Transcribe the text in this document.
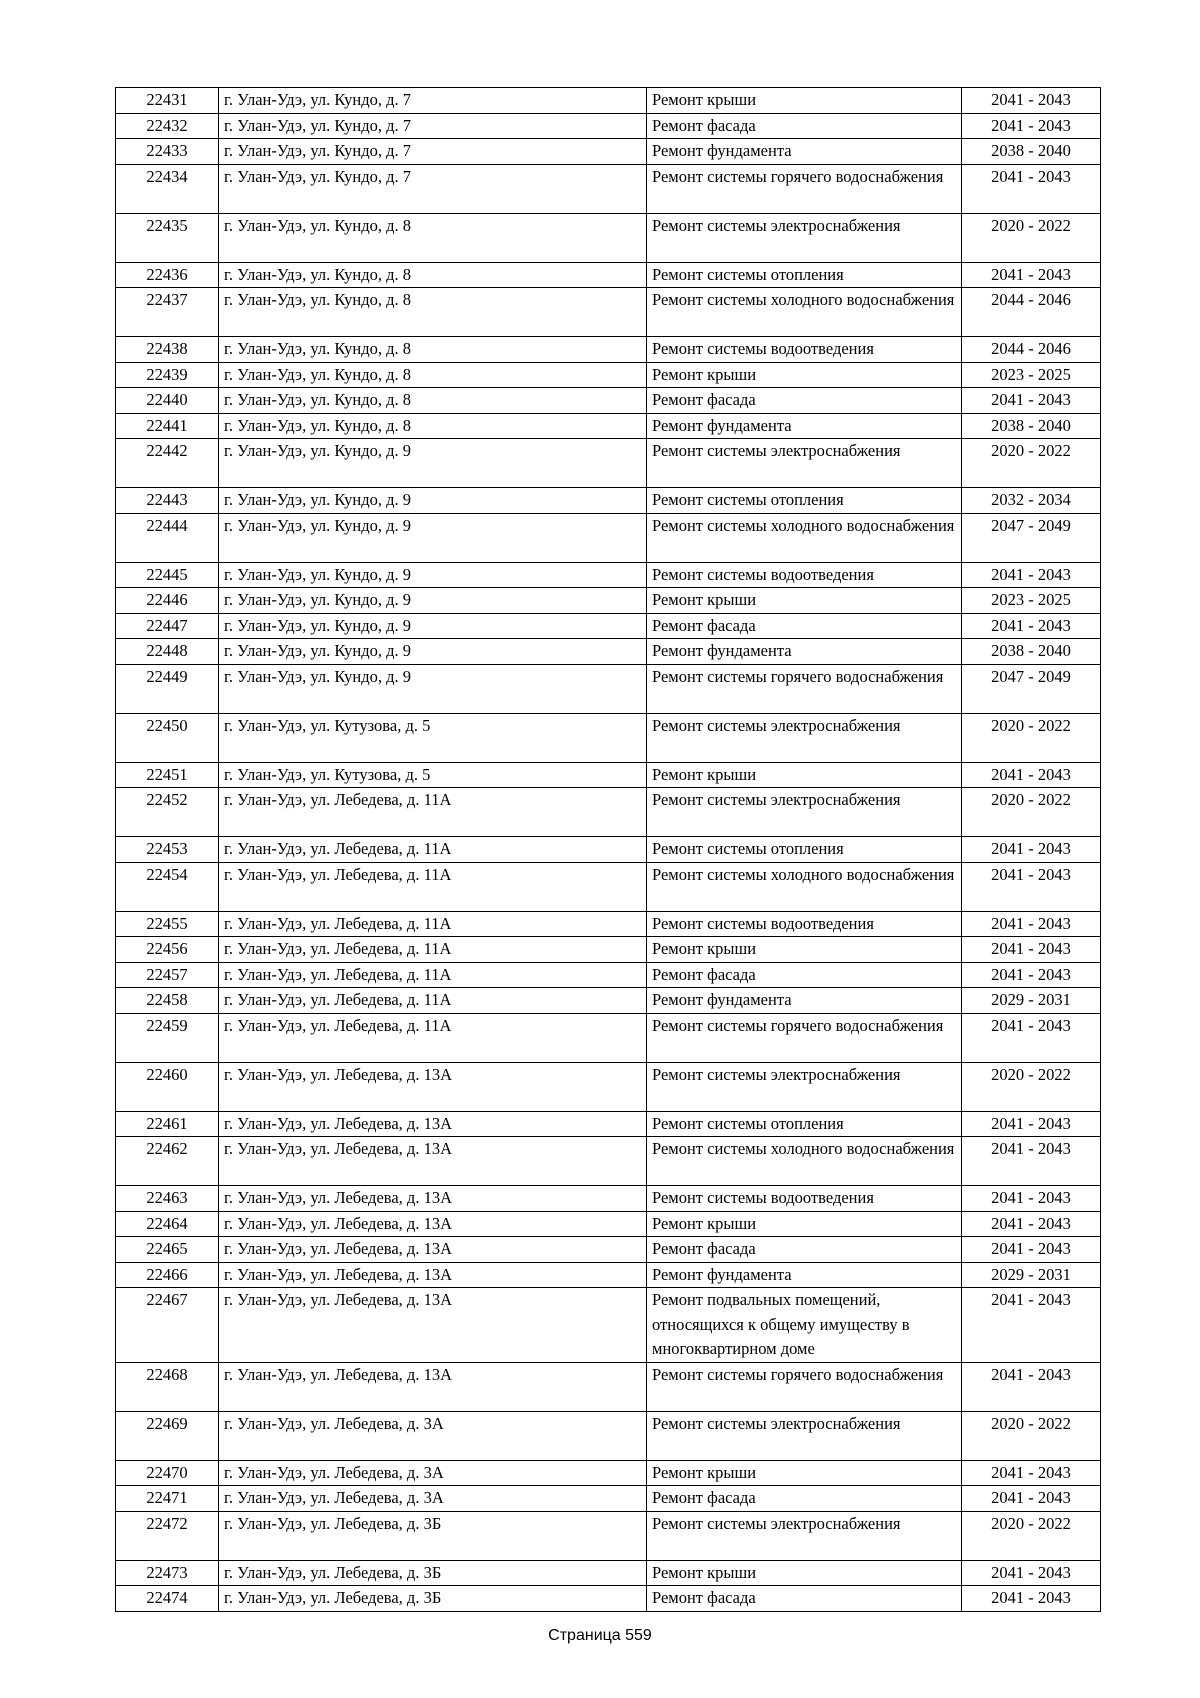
22431	г. Улан-Удэ, ул. Кундо, д. 7	Ремонт крыши	2041 - 2043
22432	г. Улан-Удэ, ул. Кундо, д. 7	Ремонт фасада	2041 - 2043
22433	г. Улан-Удэ, ул. Кундо, д. 7	Ремонт фундамента	2038 - 2040
22434	г. Улан-Удэ, ул. Кундо, д. 7	Ремонт системы горячего водоснабжения	2041 - 2043
22435	г. Улан-Удэ, ул. Кундо, д. 8	Ремонт системы электроснабжения	2020 - 2022
22436	г. Улан-Удэ, ул. Кундо, д. 8	Ремонт системы отопления	2041 - 2043
22437	г. Улан-Удэ, ул. Кундо, д. 8	Ремонт системы холодного водоснабжения	2044 - 2046
22438	г. Улан-Удэ, ул. Кундо, д. 8	Ремонт системы водоотведения	2044 - 2046
22439	г. Улан-Удэ, ул. Кундо, д. 8	Ремонт крыши	2023 - 2025
22440	г. Улан-Удэ, ул. Кундо, д. 8	Ремонт фасада	2041 - 2043
22441	г. Улан-Удэ, ул. Кундо, д. 8	Ремонт фундамента	2038 - 2040
22442	г. Улан-Удэ, ул. Кундо, д. 9	Ремонт системы электроснабжения	2020 - 2022
22443	г. Улан-Удэ, ул. Кундо, д. 9	Ремонт системы отопления	2032 - 2034
22444	г. Улан-Удэ, ул. Кундо, д. 9	Ремонт системы холодного водоснабжения	2047 - 2049
22445	г. Улан-Удэ, ул. Кундо, д. 9	Ремонт системы водоотведения	2041 - 2043
22446	г. Улан-Удэ, ул. Кундо, д. 9	Ремонт крыши	2023 - 2025
22447	г. Улан-Удэ, ул. Кундо, д. 9	Ремонт фасада	2041 - 2043
22448	г. Улан-Удэ, ул. Кундо, д. 9	Ремонт фундамента	2038 - 2040
22449	г. Улан-Удэ, ул. Кундо, д. 9	Ремонт системы горячего водоснабжения	2047 - 2049
22450	г. Улан-Удэ, ул. Кутузова, д. 5	Ремонт системы электроснабжения	2020 - 2022
22451	г. Улан-Удэ, ул. Кутузова, д. 5	Ремонт крыши	2041 - 2043
22452	г. Улан-Удэ, ул. Лебедева, д. 11А	Ремонт системы электроснабжения	2020 - 2022
22453	г. Улан-Удэ, ул. Лебедева, д. 11А	Ремонт системы отопления	2041 - 2043
22454	г. Улан-Удэ, ул. Лебедева, д. 11А	Ремонт системы холодного водоснабжения	2041 - 2043
22455	г. Улан-Удэ, ул. Лебедева, д. 11А	Ремонт системы водоотведения	2041 - 2043
22456	г. Улан-Удэ, ул. Лебедева, д. 11А	Ремонт крыши	2041 - 2043
22457	г. Улан-Удэ, ул. Лебедева, д. 11А	Ремонт фасада	2041 - 2043
22458	г. Улан-Удэ, ул. Лебедева, д. 11А	Ремонт фундамента	2029 - 2031
22459	г. Улан-Удэ, ул. Лебедева, д. 11А	Ремонт системы горячего водоснабжения	2041 - 2043
22460	г. Улан-Удэ, ул. Лебедева, д. 13А	Ремонт системы электроснабжения	2020 - 2022
22461	г. Улан-Удэ, ул. Лебедева, д. 13А	Ремонт системы отопления	2041 - 2043
22462	г. Улан-Удэ, ул. Лебедева, д. 13А	Ремонт системы холодного водоснабжения	2041 - 2043
22463	г. Улан-Удэ, ул. Лебедева, д. 13А	Ремонт системы водоотведения	2041 - 2043
22464	г. Улан-Удэ, ул. Лебедева, д. 13А	Ремонт крыши	2041 - 2043
22465	г. Улан-Удэ, ул. Лебедева, д. 13А	Ремонт фасада	2041 - 2043
22466	г. Улан-Удэ, ул. Лебедева, д. 13А	Ремонт фундамента	2029 - 2031
22467	г. Улан-Удэ, ул. Лебедева, д. 13А	Ремонт подвальных помещений, относящихся к общему имуществу в многоквартирном доме	2041 - 2043
22468	г. Улан-Удэ, ул. Лебедева, д. 13А	Ремонт системы горячего водоснабжения	2041 - 2043
22469	г. Улан-Удэ, ул. Лебедева, д. 3А	Ремонт системы электроснабжения	2020 - 2022
22470	г. Улан-Удэ, ул. Лебедева, д. 3А	Ремонт крыши	2041 - 2043
22471	г. Улан-Удэ, ул. Лебедева, д. 3А	Ремонт фасада	2041 - 2043
22472	г. Улан-Удэ, ул. Лебедева, д. 3Б	Ремонт системы электроснабжения	2020 - 2022
22473	г. Улан-Удэ, ул. Лебедева, д. 3Б	Ремонт крыши	2041 - 2043
22474	г. Улан-Удэ, ул. Лебедева, д. 3Б	Ремонт фасада	2041 - 2043
Страница 559
